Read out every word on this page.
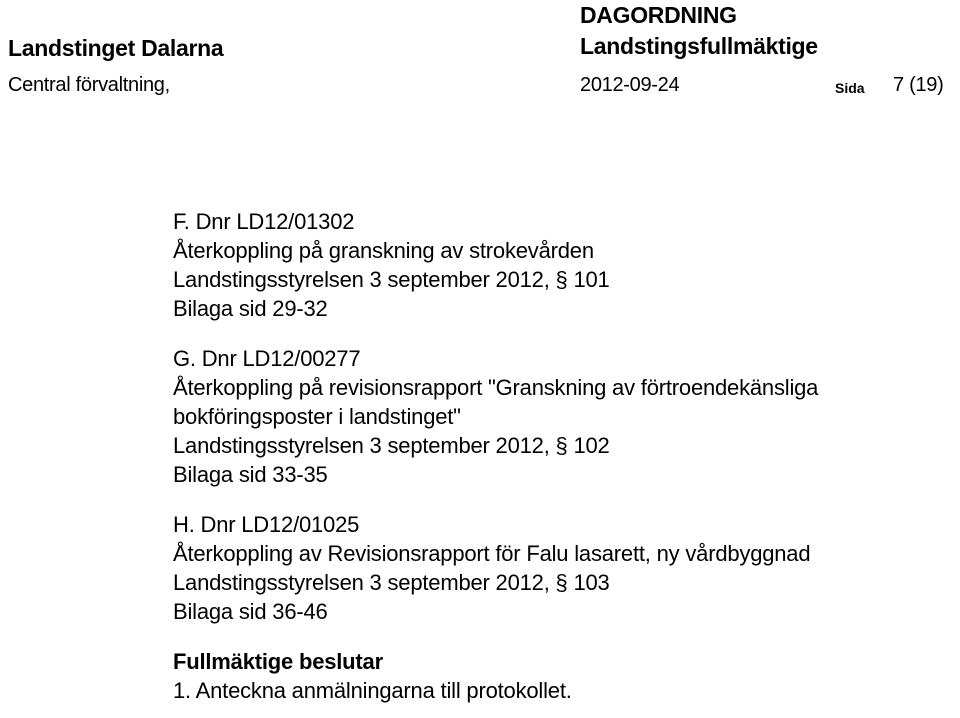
Landstinget Dalarna
Central förvaltning,
DAGORDNING
Landstingsfullmäktige
2012-09-24	Sida 7 (19)
F. Dnr LD12/01302
Återkoppling på granskning av strokevården
Landstingsstyrelsen 3 september 2012, § 101
Bilaga sid 29-32
G. Dnr LD12/00277
Återkoppling på revisionsrapport "Granskning av förtroendekänsliga
bokföringsposter i landstinget"
Landstingsstyrelsen 3 september 2012, § 102
Bilaga sid 33-35
H. Dnr LD12/01025
Återkoppling av Revisionsrapport för Falu lasarett, ny vårdbyggnad
Landstingsstyrelsen 3 september 2012, § 103
Bilaga sid 36-46
Fullmäktige beslutar
1. Anteckna anmälningarna till protokollet.
